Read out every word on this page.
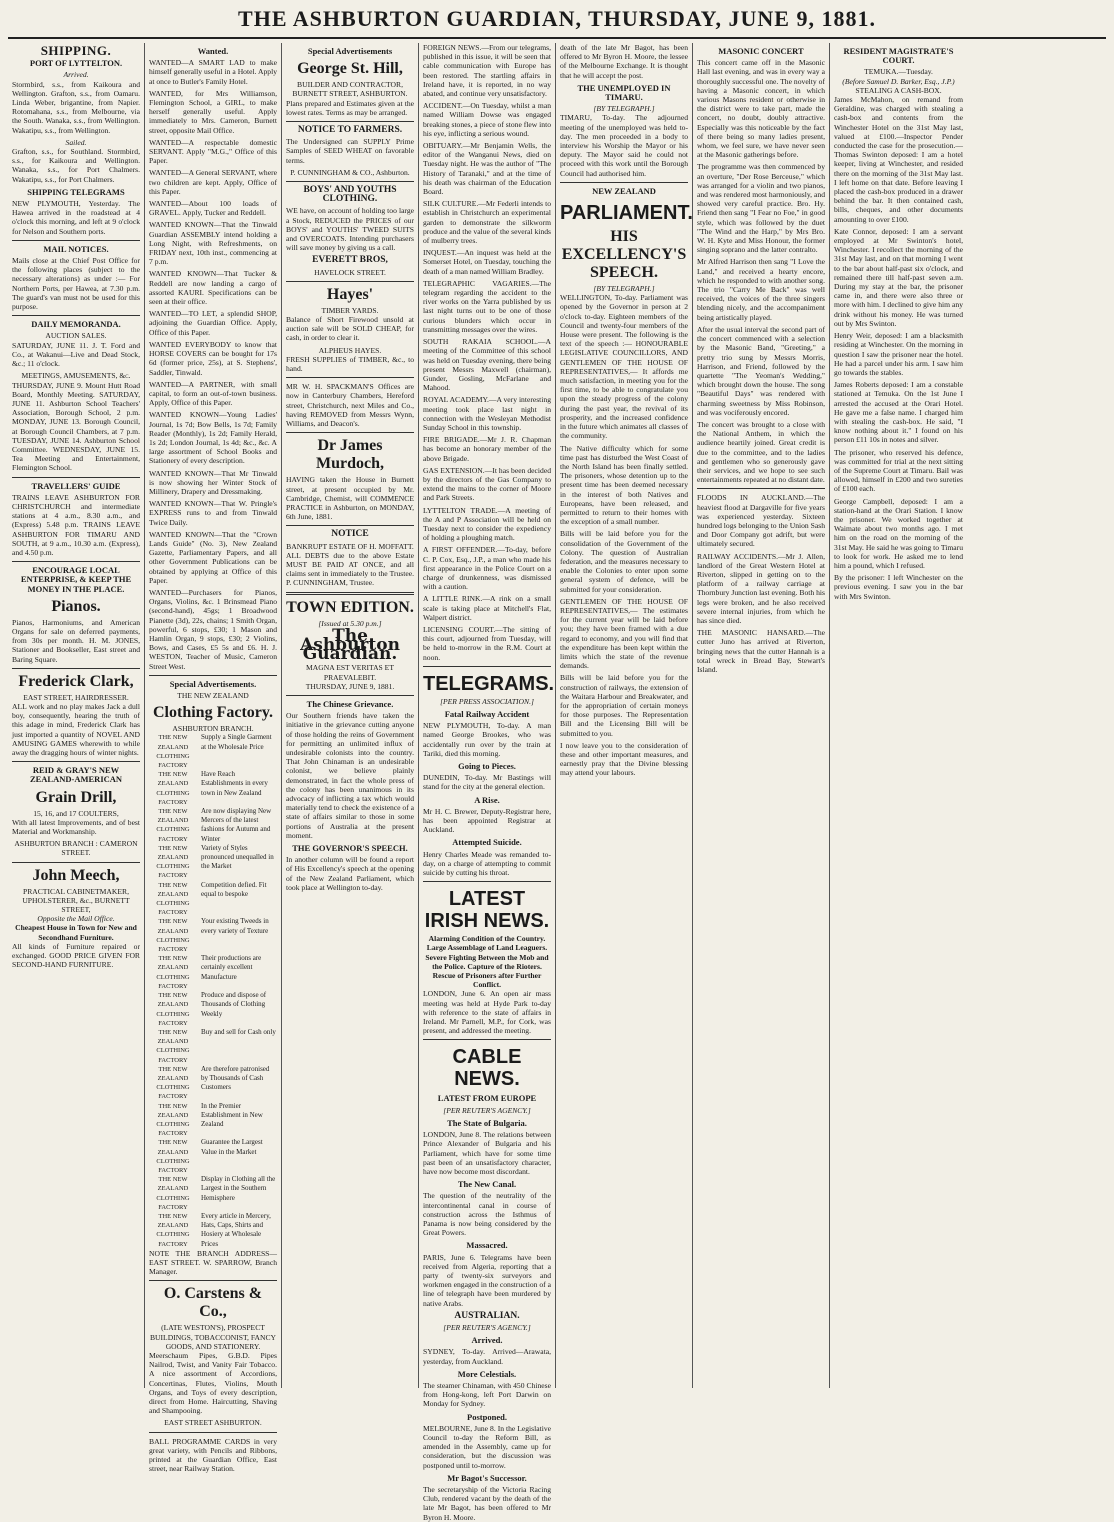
THE ASHBURTON GUARDIAN, THURSDAY, JUNE 9, 1881.
SHIPPING.
PORT OF LYTTELTON.
Arrived.

Stormbird, s.s., from Kaikoura and Wellington. Grafton, s.s., from Oamaru. Linda Weber, brigantine, from Napier. Rotomahana, s.s., from Melbourne, via the South. Wanaka, s.s., from Wellington. Wakatipu, s.s., from Wellington.

Sailed.

Grafton, s.s., for Southland. Stormbird, s.s., for Kaikoura and Wellington. Wanaka, s.s., for Port Chalmers. Wakatipu, s.s., for Port Chalmers.

SHIPPING TELEGRAMS

NEW PLYMOUTH, Yesterday. The Hawea arrived in the roadstead at 4 o'clock this morning, and left at 9 o'clock for Nelson and Southern ports.

MAIL NOTICES.

Mails close at the Chief Post Office for the following places (subject to the necessary alterations) as under :— For Northern Ports, per Hawea, at 7.30 p.m. The guard's van must not be used for this purpose.

DAILY MEMORANDA.
AUCTION SALES.

SATURDAY, JUNE 11. J. T. Ford and Co., at Wakanui—Live and Dead Stock, &c.; 11 o'clock.

MEETINGS, AMUSEMENTS, &c.

THURSDAY, JUNE 9. Mount Hutt Road Board, Monthly Meeting. SATURDAY, JUNE 11. Ashburton School Teachers' Association, Borough School, 2 p.m. MONDAY, JUNE 13. Borough Council, at Borough Council Chambers, at 7 p.m. TUESDAY, JUNE 14. Ashburton School Committee. WEDNESDAY, JUNE 15. Tea Meeting and Entertainment, Flemington School.

TRAVELLERS' GUIDE

TRAINS LEAVE ASHBURTON FOR CHRISTCHURCH and intermediate stations at 4 a.m., 8.30 a.m., and (Express) 5.48 p.m. TRAINS LEAVE ASHBURTON FOR TIMARU AND SOUTH, at 9 a.m., 10.30 a.m. (Express), and 4.50 p.m.

ENCOURAGE LOCAL ENTERPRISE, & KEEP THE MONEY IN THE PLACE.
Pianos.

Pianos, Harmoniums, and American Organs for sale on deferred payments, from 30s per month. H. M. JONES, Stationer and Bookseller, East street and Baring Square.

Frederick Clark,
EAST STREET, HAIRDRESSER.

ALL work and no play makes Jack a dull boy, consequently, hearing the truth of this adage in mind, Frederick Clark has just imported a quantity of NOVEL AND AMUSING GAMES wherewith to while away the dragging hours of winter nights.

REID & GRAY'S NEW ZEALAND-AMERICAN
Grain Drill,
15, 16, and 17 COULTERS,

With all latest Improvements, and of best Material and Workmanship.

ASHBURTON BRANCH : CAMERON STREET.
John Meech,
PRACTICAL CABINETMAKER, UPHOLSTERER, &c., BURNETT STREET,
Opposite the Mail Office.
Cheapest House in Town for New and Secondhand Furniture.

All kinds of Furniture repaired or exchanged. GOOD PRICE GIVEN FOR SECOND-HAND FURNITURE.

Wanted.

WANTED—A SMART LAD to make himself generally useful in a Hotel. Apply at once to Butler's Family Hotel.

WANTED, for Mrs Williamson, Flemington School, a GIRL, to make herself generally useful. Apply immediately to Mrs. Cameron, Burnett street, opposite Mail Office.

WANTED—A respectable domestic SERVANT. Apply "M.G.," Office of this Paper.

WANTED—A General SERVANT, where two children are kept. Apply, Office of this Paper.

WANTED—About 100 loads of GRAVEL. Apply, Tucker and Reddell.

WANTED KNOWN—That the Tinwald Guardian ASSEMBLY intend holding a Long Night, with Refreshments, on FRIDAY next, 10th inst., commencing at 7 p.m.

WANTED KNOWN—That Tucker & Reddell are now landing a cargo of assorted KAURI. Specifications can be seen at their office.

WANTED—TO LET, a splendid SHOP, adjoining the Guardian Office. Apply, Office of this Paper.

WANTED EVERYBODY to know that HORSE COVERS can be bought for 17s 6d (former price, 25s), at S. Stephens', Saddler, Tinwald.

WANTED—A PARTNER, with small capital, to form an out-of-town business. Apply, Office of this Paper.

WANTED KNOWN—Young Ladies' Journal, 1s 7d; Bow Bells, 1s 7d; Family Reader (Monthly), 1s 2d; Family Herald, 1s 2d; London Journal, 1s 4d; &c., &c. A large assortment of School Books and Stationery of every description.

WANTED KNOWN—That Mr Tinwald is now showing her Winter Stock of Millinery, Drapery and Dressmaking.

WANTED KNOWN—That W. Pringle's EXPRESS runs to and from Tinwald Twice Daily.

WANTED KNOWN—That the "Crown Lands Guide" (No. 3), New Zealand Gazette, Parliamentary Papers, and all other Government Publications can be obtained by applying at Office of this Paper.

WANTED—Purchasers for Pianos, Organs, Violins, &c. 1 Brinsmead Piano (second-hand), 45gs; 1 Broadwood Pianette (3d), 22s, chains; 1 Smith Organ, powerful, 6 stops, £30; 1 Mason and Hamlin Organ, 9 stops, £30; 2 Violins, Bows, and Cases, £5 5s and £6. H. J. WESTON, Teacher of Music, Cameron Street West.

Special Advertisements.
THE NEW ZEALAND
Clothing Factory.
ASHBURTON BRANCH.
THE NEW ZEALAND CLOTHING FACTORY
Supply a Single Garment at the Wholesale Price
THE NEW ZEALAND CLOTHING FACTORY
Have Reach Establishments in every town in New Zealand
THE NEW ZEALAND CLOTHING FACTORY
Are now displaying New Mercers of the latest fashions for Autumn and Winter
THE NEW ZEALAND CLOTHING FACTORY
Variety of Styles pronounced unequalled in the Market
THE NEW ZEALAND CLOTHING FACTORY
Competition defied. Fit equal to bespoke
THE NEW ZEALAND CLOTHING FACTORY
Your existing Tweeds in every variety of Texture
THE NEW ZEALAND CLOTHING FACTORY
Their productions are certainly excellent Manufacture
THE NEW ZEALAND CLOTHING FACTORY
Produce and dispose of Thousands of Clothing Weekly
THE NEW ZEALAND CLOTHING FACTORY
Buy and sell for Cash only
THE NEW ZEALAND CLOTHING FACTORY
Are therefore patronised by Thousands of Cash Customers
THE NEW ZEALAND CLOTHING FACTORY
In the Premier Establishment in New Zealand
THE NEW ZEALAND CLOTHING FACTORY
Guarantee the Largest Value in the Market
THE NEW ZEALAND CLOTHING FACTORY
Display in Clothing all the Largest in the Southern Hemisphere
THE NEW ZEALAND CLOTHING FACTORY
Every article in Mercery, Hats, Caps, Shirts and Hosiery at Wholesale Prices

NOTE THE BRANCH ADDRESS— EAST STREET. W. SPARROW, Branch Manager.

O. Carstens & Co.,
(LATE WESTON'S), PROSPECT BUILDINGS, TOBACCONIST, FANCY GOODS, AND STATIONERY.

Meerschaum Pipes, G.B.D. Pipes Nailrod, Twist, and Vanity Fair Tobacco. A nice assortment of Accordions, Concertinas, Flutes, Violins, Mouth Organs, and Toys of every description, direct from Home. Haircutting, Shaving and Shampooing.

EAST STREET ASHBURTON.

BALL PROGRAMME CARDS in very great variety, with Pencils and Ribbons, printed at the Guardian Office, East street, near Railway Station.

Special Advertisements
George St. Hill,
BUILDER AND CONTRACTOR, BURNETT STREET, ASHBURTON.

Plans prepared and Estimates given at the lowest rates. Terms as may be arranged.

NOTICE TO FARMERS.

The Undersigned can SUPPLY Prime Samples of SEED WHEAT on favorable terms.

P. CUNNINGHAM & CO., Ashburton.
BOYS' AND YOUTHS CLOTHING.

WE have, on account of holding too large a Stock, REDUCED the PRICES of our BOYS' and YOUTHS' TWEED SUITS and OVERCOATS. Intending purchasers will save money by giving us a call.

EVERETT BROS,
HAVELOCK STREET.
Hayes'
TIMBER YARDS.

Balance of Short Firewood unsold at auction sale will be SOLD CHEAP, for cash, in order to clear it.

ALPHEUS HAYES.

FRESH SUPPLIES of TIMBER, &c., to hand.

MR W. H. SPACKMAN'S Offices are now in Canterbury Chambers, Hereford street, Christchurch, next Miles and Co., having REMOVED from Messrs Wynn, Williams, and Deacon's.

Dr James Murdoch,

HAVING taken the House in Burnett street, at present occupied by Mr. Cambridge, Chemist, will COMMENCE PRACTICE in Ashburton, on MONDAY, 6th June, 1881.

NOTICE
BANKRUPT ESTATE OF H. MOFFATT.

ALL DEBTS due to the above Estate MUST BE PAID AT ONCE, and all claims sent in immediately to the Trustee. P. CUNNINGHAM, Trustee.

TOWN EDITION.
[Issued at 5.30 p.m.]
The Ashburton Guardian.
MAGNA EST VERITAS ET PRAEVALEBIT.
THURSDAY, JUNE 9, 1881.
The Chinese Grievance.

Our Southern friends have taken the initiative in the grievance cutting anyone of those holding the reins of Government for permitting an unlimited influx of undesirable colonists into the country. That John Chinaman is an undesirable colonist, we believe plainly demonstrated, in fact the whole press of the colony has been unanimous in its advocacy of inflicting a tax which would materially tend to check the existence of a state of affairs similar to those in some portions of Australia at the present moment.

THE GOVERNOR'S SPEECH.

In another column will be found a report of His Excellency's speech at the opening of the New Zealand Parliament, which took place at Wellington to-day.

FOREIGN NEWS.—From our telegrams, published in this issue, it will be seen that cable communication with Europe has been restored. The startling affairs in Ireland have, it is reported, in no way abated, and continue very unsatisfactory.

ACCIDENT.—On Tuesday, whilst a man named William Dowse was engaged breaking stones, a piece of stone flew into his eye, inflicting a serious wound.

OBITUARY.—Mr Benjamin Wells, the editor of the Wanganui News, died on Tuesday night. He was the author of "The History of Taranaki," and at the time of his death was chairman of the Education Board.

SILK CULTURE.—Mr Federli intends to establish in Christchurch an experimental garden to demonstrate the silkworm produce and the value of the several kinds of mulberry trees.

INQUEST.—An inquest was held at the Somerset Hotel, on Tuesday, touching the death of a man named William Bradley.

TELEGRAPHIC VAGARIES.—The telegram regarding the accident to the river works on the Yarra published by us last night turns out to be one of those curious blunders which occur in transmitting messages over the wires.

SOUTH RAKAIA SCHOOL.—A meeting of the Committee of this school was held on Tuesday evening, there being present Messrs Maxwell (chairman), Gunder, Gosling, McFarlane and Mahood.

ROYAL ACADEMY.—A very interesting meeting took place last night in connection with the Wesleyan Methodist Sunday School in this township.

FIRE BRIGADE.—Mr J. R. Chapman has become an honorary member of the above Brigade.

GAS EXTENSION.—It has been decided by the directors of the Gas Company to extend the mains to the corner of Moore and Park Streets.

LYTTELTON TRADE.—A meeting of the A and P Association will be held on Tuesday next to consider the expediency of holding a ploughing match.

A FIRST OFFENDER.—To-day, before C. P. Cox, Esq., J.P., a man who made his first appearance in the Police Court on a charge of drunkenness, was dismissed with a caution.

A LITTLE RINK.—A rink on a small scale is taking place at Mitchell's Flat, Walpert district.

LICENSING COURT.—The sitting of this court, adjourned from Tuesday, will be held to-morrow in the R.M. Court at noon.

TELEGRAMS.
[PER PRESS ASSOCIATION.]
Fatal Railway Accident

NEW PLYMOUTH, To-day. A man named George Brookes, who was accidentally run over by the train at Tariki, died this morning.

Going to Pieces.

DUNEDIN, To-day. Mr Bastings will stand for the city at the general election.

A Rise.

Mr H. C. Brewer, Deputy-Registrar here, has been appointed Registrar at Auckland.

Attempted Suicide.

Henry Charles Meade was remanded to-day, on a charge of attempting to commit suicide by cutting his throat.

LATEST IRISH NEWS.
Alarming Condition of the Country. Large Assemblage of Land Leaguers. Severe Fighting Between the Mob and the Police. Capture of the Rioters. Rescue of Prisoners after Further Conflict.

LONDON, June 6. An open air mass meeting was held at Hyde Park to-day with reference to the state of affairs in Ireland. Mr Parnell, M.P., for Cork, was present, and addressed the meeting.

CABLE NEWS.
LATEST FROM EUROPE
[PER REUTER'S AGENCY.]
The State of Bulgaria.

LONDON, June 8. The relations between Prince Alexander of Bulgaria and his Parliament, which have for some time past been of an unsatisfactory character, have now become most discordant.

The New Canal.

The question of the neutrality of the intercontinental canal in course of construction across the Isthmus of Panama is now being considered by the Great Powers.

Massacred.

PARIS, June 6. Telegrams have been received from Algeria, reporting that a party of twenty-six surveyors and workmen engaged in the construction of a line of telegraph have been murdered by native Arabs.

AUSTRALIAN.
[PER REUTER'S AGENCY.]
Arrived.

SYDNEY, To-day. Arrived—Arawata, yesterday, from Auckland.

More Celestials.

The steamer Chinaman, with 450 Chinese from Hong-kong, left Port Darwin on Monday for Sydney.

Postponed.

MELBOURNE, June 8. In the Legislative Council to-day the Reform Bill, as amended in the Assembly, came up for consideration, but the discussion was postponed until to-morrow.

Mr Bagot's Successor.

The secretaryship of the Victoria Racing Club, rendered vacant by the death of the late Mr Bagot, has been offered to Mr Byron H. Moore.

death of the late Mr Bagot, has been offered to Mr Byron H. Moore, the lessee of the Melbourne Exchange. It is thought that he will accept the post.

THE UNEMPLOYED IN TIMARU.
[BY TELEGRAPH.]

TIMARU, To-day. The adjourned meeting of the unemployed was held to-day. The men proceeded in a body to interview his Worship the Mayor or his deputy. The Mayor said he could not proceed with this work until the Borough Council had authorised him.

NEW ZEALAND
PARLIAMENT.
HIS EXCELLENCY'S SPEECH.
[BY TELEGRAPH.]

WELLINGTON, To-day. Parliament was opened by the Governor in person at 2 o'clock to-day. Eighteen members of the Council and twenty-four members of the House were present. The following is the text of the speech :— HONOURABLE LEGISLATIVE COUNCILLORS, AND GENTLEMEN OF THE HOUSE OF REPRESENTATIVES,— It affords me much satisfaction, in meeting you for the first time, to be able to congratulate you upon the steady progress of the colony during the past year, the revival of its prosperity, and the increased confidence in the future which animates all classes of the community.

The Native difficulty which for some time past has disturbed the West Coast of the North Island has been finally settled. The prisoners, whose detention up to the present time has been deemed necessary in the interest of both Natives and Europeans, have been released, and permitted to return to their homes with the exception of a small number.

Bills will be laid before you for the consolidation of the Government of the Colony. The question of Australian federation, and the measures necessary to enable the Colonies to enter upon some general system of defence, will be submitted for your consideration.

GENTLEMEN OF THE HOUSE OF REPRESENTATIVES,— The estimates for the current year will be laid before you; they have been framed with a due regard to economy, and you will find that the expenditure has been kept within the limits which the state of the revenue demands.

Bills will be laid before you for the construction of railways, the extension of the Waitara Harbour and Breakwater, and for the appropriation of certain moneys for those purposes. The Representation Bill and the Licensing Bill will be submitted to you.

I now leave you to the consideration of these and other important measures, and earnestly pray that the Divine blessing may attend your labours.

MASONIC CONCERT

This concert came off in the Masonic Hall last evening, and was in every way a thoroughly successful one. The novelty of having a Masonic concert, in which various Masons resident or otherwise in the district were to take part, made the concert, no doubt, doubly attractive. Especially was this noticeable by the fact of there being so many ladies present, whom, we feel sure, we have never seen at the Masonic gatherings before.

The programme was then commenced by an overture, "Der Rose Berceuse," which was arranged for a violin and two pianos, and was rendered most harmoniously, and showed very careful practice. Bro. Hy. Friend then sang "I Fear no Foe," in good style, which was followed by the duet "The Wind and the Harp," by Mrs Bro. W. H. Kyte and Miss Honour, the former singing soprano and the latter contralto.

Mr Alfred Harrison then sang "I Love the Land," and received a hearty encore, which he responded to with another song. The trio "Carry Me Back" was well received, the voices of the three singers blending nicely, and the accompaniment being artistically played.

After the usual interval the second part of the concert commenced with a selection by the Masonic Band, "Greeting," a pretty trio sung by Messrs Morris, Harrison, and Friend, followed by the quartette "The Yeoman's Wedding," which brought down the house. The song "Beautiful Days" was rendered with charming sweetness by Miss Robinson, and was vociferously encored.

The concert was brought to a close with the National Anthem, in which the audience heartily joined. Great credit is due to the committee, and to the ladies and gentlemen who so generously gave their services, and we hope to see such entertainments repeated at no distant date.

FLOODS IN AUCKLAND.—The heaviest flood at Dargaville for five years was experienced yesterday. Sixteen hundred logs belonging to the Union Sash and Door Company got adrift, but were ultimately secured.

RAILWAY ACCIDENTS.—Mr J. Allen, landlord of the Great Western Hotel at Riverton, slipped in getting on to the platform of a railway carriage at Thornbury Junction last evening. Both his legs were broken, and he also received severe internal injuries, from which he has since died.

THE MASONIC HANSARD.—The cutter Juno has arrived at Riverton, bringing news that the cutter Hannah is a total wreck in Bread Bay, Stewart's Island.

RESIDENT MAGISTRATE'S COURT.
TEMUKA.—Tuesday.
(Before Samuel D. Barker, Esq., J.P.)
STEALING A CASH-BOX.

James McMahon, on remand from Geraldine, was charged with stealing a cash-box and contents from the Winchester Hotel on the 31st May last, valued at £100.—Inspector Pender conducted the case for the prosecution.—Thomas Swinton deposed: I am a hotel keeper, living at Winchester, and resided there on the morning of the 31st May last. I left home on that date. Before leaving I placed the cash-box produced in a drawer behind the bar. It then contained cash, bills, cheques, and other documents amounting to over £100.

Kate Connor, deposed: I am a servant employed at Mr Swinton's hotel, Winchester. I recollect the morning of the 31st May last, and on that morning I went to the bar about half-past six o'clock, and remained there till half-past seven a.m. During my stay at the bar, the prisoner came in, and there were also three or more with him. I declined to give him any drink without his money. He was turned out by Mrs Swinton.

Henry Weir, deposed: I am a blacksmith residing at Winchester. On the morning in question I saw the prisoner near the hotel. He had a parcel under his arm. I saw him go towards the stables.

James Roberts deposed: I am a constable stationed at Temuka. On the 1st June I arrested the accused at the Orari Hotel. He gave me a false name. I charged him with stealing the cash-box. He said, "I know nothing about it." I found on his person £11 10s in notes and silver.

The prisoner, who reserved his defence, was committed for trial at the next sitting of the Supreme Court at Timaru. Bail was allowed, himself in £200 and two sureties of £100 each.

George Campbell, deposed: I am a station-hand at the Orari Station. I know the prisoner. We worked together at Waimate about two months ago. I met him on the road on the morning of the 31st May. He said he was going to Timaru to look for work. He asked me to lend him a pound, which I refused.

By the prisoner: I left Winchester on the previous evening. I saw you in the bar with Mrs Swinton.
